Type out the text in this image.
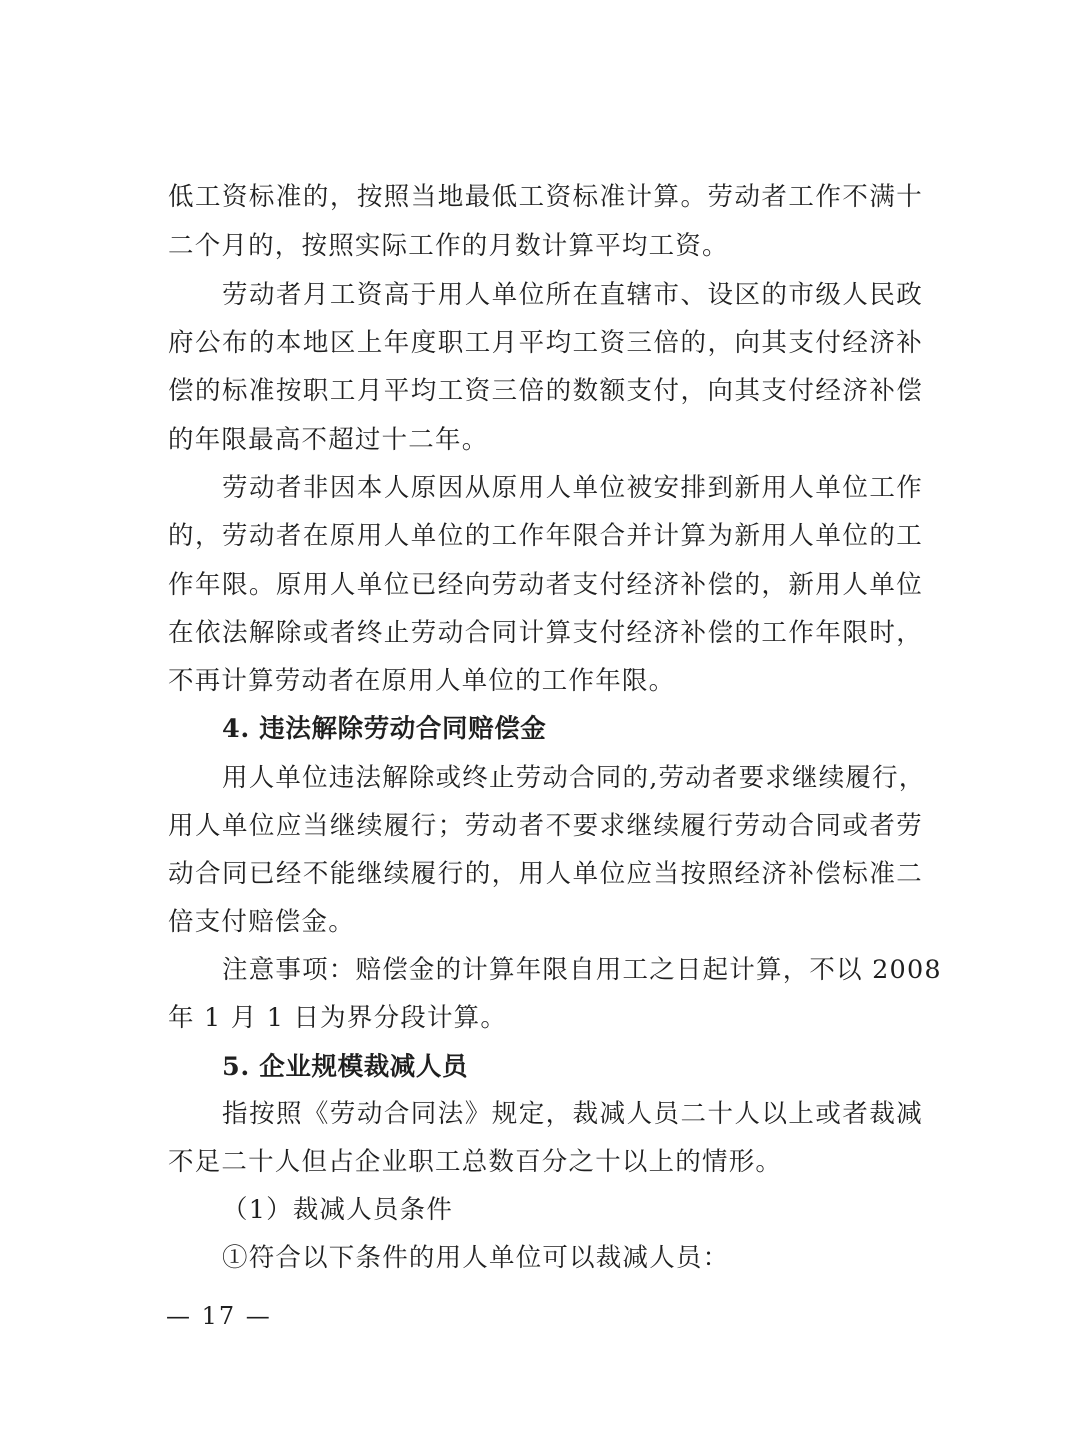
低工资标准的，按照当地最低工资标准计算。劳动者工作不满十
二个月的，按照实际工作的月数计算平均工资。
劳动者月工资高于用人单位所在直辖市、设区的市级人民政
府公布的本地区上年度职工月平均工资三倍的，向其支付经济补
偿的标准按职工月平均工资三倍的数额支付，向其支付经济补偿
的年限最高不超过十二年。
劳动者非因本人原因从原用人单位被安排到新用人单位工作
的，劳动者在原用人单位的工作年限合并计算为新用人单位的工
作年限。原用人单位已经向劳动者支付经济补偿的，新用人单位
在依法解除或者终止劳动合同计算支付经济补偿的工作年限时，
不再计算劳动者在原用人单位的工作年限。
4. 违法解除劳动合同赔偿金
用人单位违法解除或终止劳动合同的,劳动者要求继续履行，
用人单位应当继续履行；劳动者不要求继续履行劳动合同或者劳
动合同已经不能继续履行的，用人单位应当按照经济补偿标准二
倍支付赔偿金。
注意事项：赔偿金的计算年限自用工之日起计算，不以 2008
年 1 月 1 日为界分段计算。
5. 企业规模裁减人员
指按照《劳动合同法》规定，裁减人员二十人以上或者裁减
不足二十人但占企业职工总数百分之十以上的情形。
（1）裁减人员条件
①符合以下条件的用人单位可以裁减人员：
— 17 —
